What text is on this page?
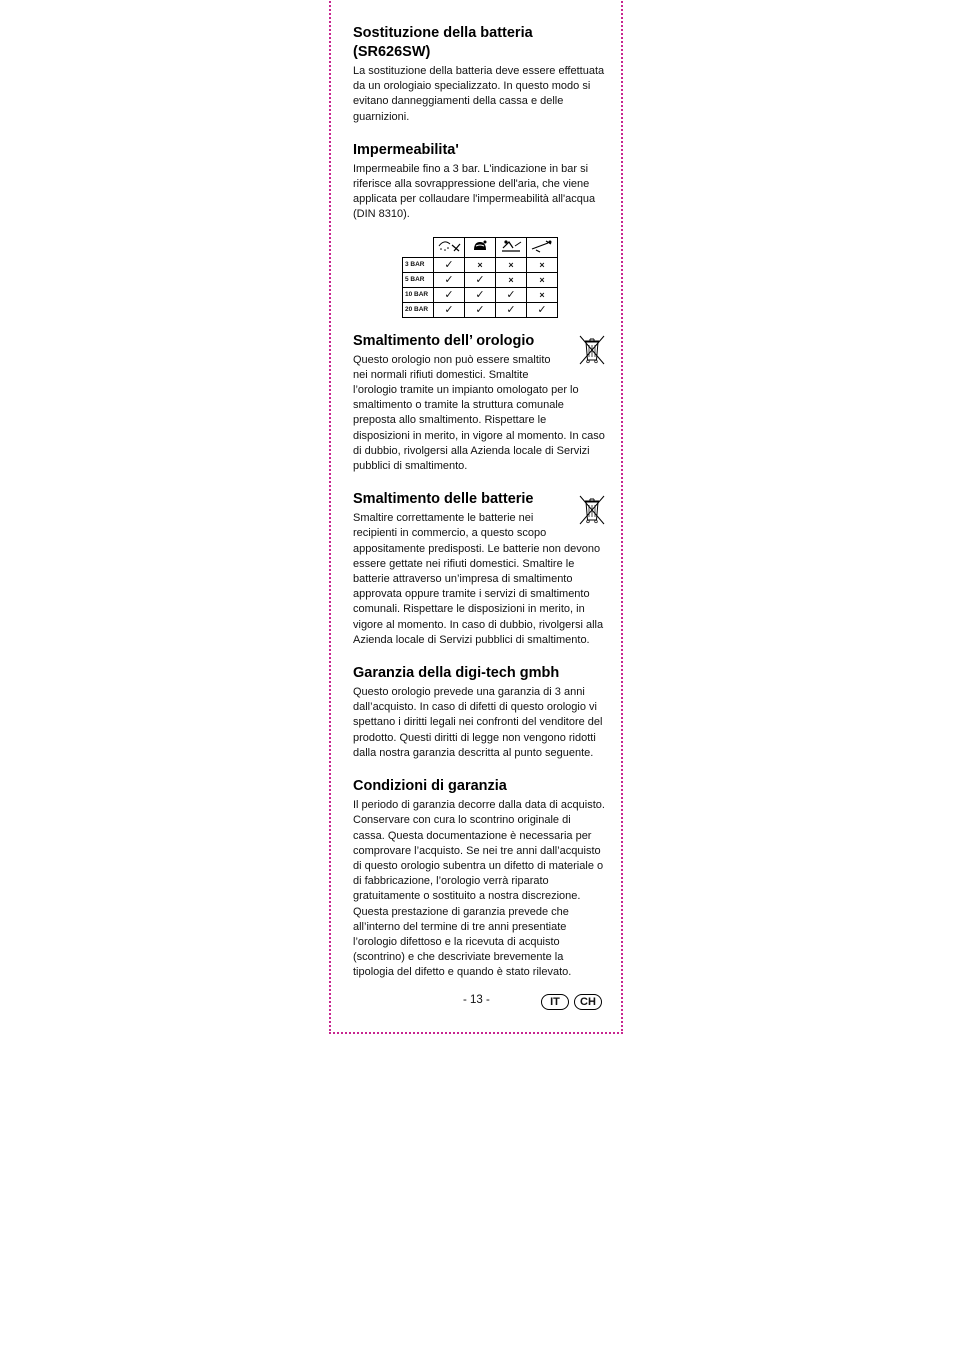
Sostituzione della batteria (SR626SW)

La sostituzione della batteria deve essere effettuata da un orologiaio specializzato. In questo modo si evitano danneggiamenti della cassa e delle guarnizioni.

Impermeabilita'

Impermeabile fino a 3 bar. L'indicazione in bar si riferisce alla sovrappressione dell'aria, che viene applicata per collaudare l'impermeabilità all'acqua (DIN 8310).

3 BAR	✓	×	×	×
5 BAR	✓	✓	×	×
10 BAR	✓	✓	✓	×
20 BAR	✓	✓	✓	✓
Smaltimento dell’ orologio

Questo orologio non può essere smaltito nei normali rifiuti domestici. Smaltite l’orologio tramite un impianto omologato per lo smaltimento o tramite la struttura comunale preposta allo smaltimento. Rispettare le disposizioni in merito, in vigore al momento. In caso di dubbio, rivolgersi alla Azienda locale di Servizi pubblici di smaltimento.

Smaltimento delle batterie

Smaltire correttamente le batterie nei recipienti in commercio, a questo scopo appositamente predisposti. Le batterie non devono essere gettate nei rifiuti domestici. Smaltire le batterie attraverso un’impresa di smaltimento approvata oppure tramite i servizi di smaltimento comunali. Rispettare le disposizioni in merito, in vigore al momento. In caso di dubbio, rivolgersi alla Azienda locale di Servizi pubblici di smaltimento.

Garanzia della digi-tech gmbh

Questo orologio prevede una garanzia di 3 anni dall’acquisto. In caso di difetti di questo orologio vi spettano i diritti legali nei confronti del venditore del prodotto. Questi diritti di legge non vengono ridotti dalla nostra garanzia descritta al punto seguente.

Condizioni di garanzia

Il periodo di garanzia decorre dalla data di acquisto. Conservare con cura lo scontrino originale di cassa. Questa documentazione è necessaria per comprovare l’acquisto. Se nei tre anni dall’acquisto di questo orologio subentra un difetto di materiale o di fabbricazione, l’orologio verrà riparato gratuitamente o sostituito a nostra discrezione. Questa prestazione di garanzia prevede che all’interno del termine di tre anni presentiate l’orologio difettoso e la ricevuta di acquisto (scontrino) e che descriviate brevemente la tipologia del difetto e quando è stato rilevato.

- 13 -	IT	CH
